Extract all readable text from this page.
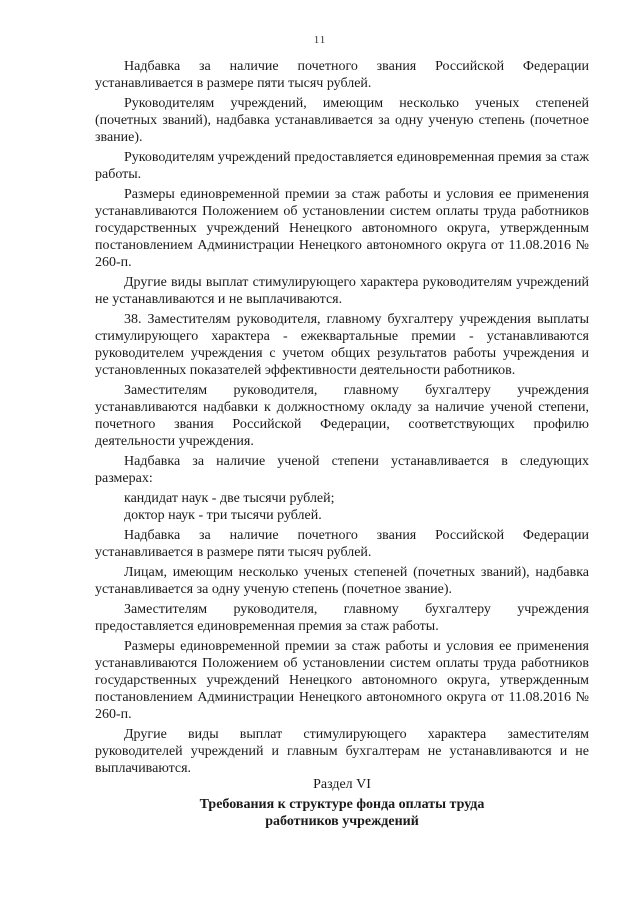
11

Надбавка за наличие почетного звания Российской Федерации устанавливается в размере пяти тысяч рублей.

Руководителям учреждений, имеющим несколько ученых степеней (почетных званий), надбавка устанавливается за одну ученую степень (почетное звание).

Руководителям учреждений предоставляется единовременная премия за стаж работы.

Размеры единовременной премии за стаж работы и условия ее применения устанавливаются Положением об установлении систем оплаты труда работников государственных учреждений Ненецкого автономного округа, утвержденным постановлением Администрации Ненецкого автономного округа от 11.08.2016 № 260-п.

Другие виды выплат стимулирующего характера руководителям учреждений не устанавливаются и не выплачиваются.

38. Заместителям руководителя, главному бухгалтеру учреждения выплаты стимулирующего характера - ежеквартальные премии - устанавливаются руководителем учреждения с учетом общих результатов работы учреждения и установленных показателей эффективности деятельности работников.

Заместителям руководителя, главному бухгалтеру учреждения устанавливаются надбавки к должностному окладу за наличие ученой степени, почетного звания Российской Федерации, соответствующих профилю деятельности учреждения.

Надбавка за наличие ученой степени устанавливается в следующих размерах:

кандидат наук - две тысячи рублей;

доктор наук - три тысячи рублей.

Надбавка за наличие почетного звания Российской Федерации устанавливается в размере пяти тысяч рублей.

Лицам, имеющим несколько ученых степеней (почетных званий), надбавка устанавливается за одну ученую степень (почетное звание).

Заместителям руководителя, главному бухгалтеру учреждения предоставляется единовременная премия за стаж работы.

Размеры единовременной премии за стаж работы и условия ее применения устанавливаются Положением об установлении систем оплаты труда работников государственных учреждений Ненецкого автономного округа, утвержденным постановлением Администрации Ненецкого автономного округа от 11.08.2016 № 260-п.

Другие виды выплат стимулирующего характера заместителям руководителей учреждений и главным бухгалтерам не устанавливаются и не выплачиваются.

Раздел VI
Требования к структуре фонда оплаты труда
работников учреждений
